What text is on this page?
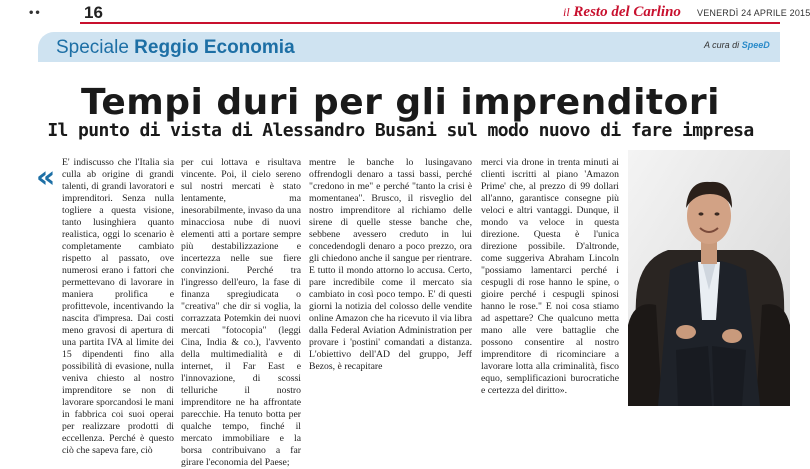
••	16	il Resto del Carlino VENERDÌ 24 APRILE 2015
Speciale Reggio Economia	A cura di SpeeD
Tempi duri per gli imprenditori
Il punto di vista di Alessandro Busani sul modo nuovo di fare impresa
« E' indiscusso che l'Italia sia culla ab origine di grandi talenti, di grandi lavoratori e imprenditori. Senza nulla togliere a questa visione, tanto lusinghiera quanto realistica, oggi lo scenario è completamente cambiato rispetto al passato, ove numerosi erano i fattori che permettevano di lavorare in maniera prolifica e profittevole, incentivando la nascita d'impresa. Dai costi meno gravosi di apertura di una partita IVA al limite dei 15 dipendenti fino alla possibilità di evasione, nulla veniva chiesto al nostro imprenditore se non di lavorare sporcandosi le mani in fabbrica coi suoi operai per realizzare prodotti di eccellenza. Perché è questo ciò che sapeva fare, ciò

per cui lottava e risultava vincente. Poi, il cielo sereno sul nostri mercati è stato lentamente, ma inesorabilmente, invaso da una minacciosa nube di nuovi elementi atti a portare sempre più destabilizzazione e incertezza nelle sue fiere convinzioni. Perché tra l'ingresso dell'euro, la fase di finanza spregiudicata o "creativa" che dir si voglia, la corrazzata Potemkin dei nuovi mercati "fotocopia" (leggi Cina, India & co.), l'avvento della multimedialità e di internet, il Far East e l'innovazione, di scossi telluriche il nostro imprenditore ne ha affrontate parecchie. Ha tenuto botta per qualche tempo, finché il mercato immobiliare e la borsa contribuivano a far girare l'economia del Paese;

mentre le banche lo lusingavano offrendogli denaro a tassi bassi, perché "credono in me" e perché "tanto la crisi è momentanea". Brusco, il risveglio del nostro imprenditore al richiamo delle sirene di quelle stesse banche che, sebbene avessero creduto in lui concedendogli denaro a poco prezzo, ora gli chiedono anche il sangue per rientrare. E tutto il mondo attorno lo accusa. Certo, pare incredibile come il mercato sia cambiato in così poco tempo. E' di questi giorni la notizia del colosso delle vendite online Amazon che ha ricevuto il via libra dalla Federal Aviation Administration per provare i 'postini' comandati a distanza. L'obiettivo dell'AD del gruppo, Jeff Bezos, è recapitare

merci via drone in trenta minuti ai clienti iscritti al piano 'Amazon Prime' che, al prezzo di 99 dollari all'anno, garantisce consegne più veloci e altri vantaggi. Dunque, il mondo va veloce in questa direzione. Questa è l'unica direzione possibile. D'altronde, come suggeriva Abraham Lincoln "possiamo lamentarci perché i cespugli di rose hanno le spine, o gioire perché i cespugli spinosi hanno le rose." E noi cosa stiamo ad aspettare? Che qualcuno metta mano alle vere battaglie che possono consentire al nostro imprenditore di ricominciare a lavorare lotta alla criminalità, fisco equo, semplificazioni burocratiche e certezza del diritto».
